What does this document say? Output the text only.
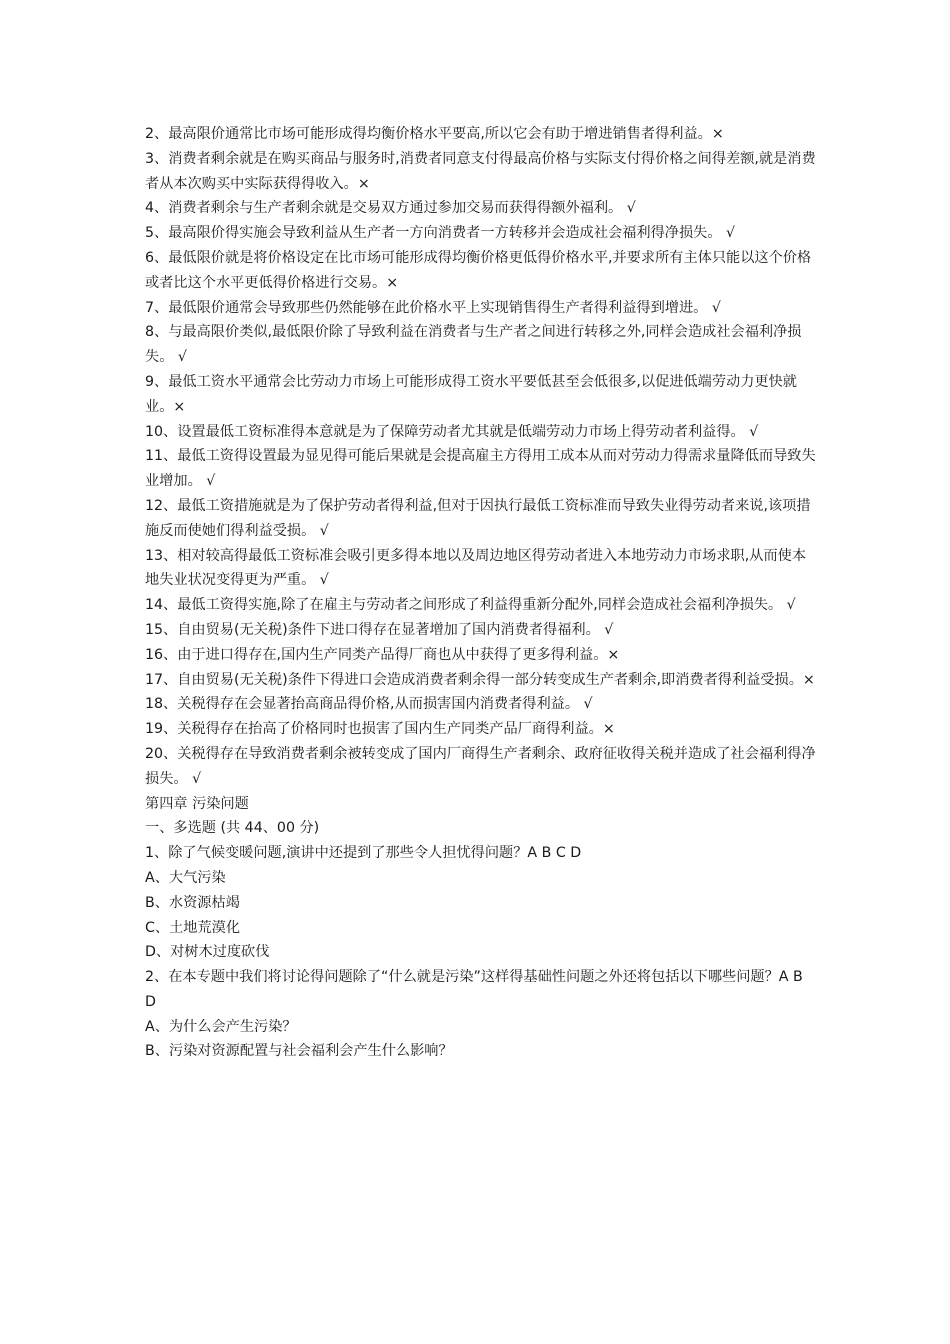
2、最高限价通常比市场可能形成得均衡价格水平要高,所以它会有助于增进销售者得利益。×

3、消费者剩余就是在购买商品与服务时,消费者同意支付得最高价格与实际支付得价格之间得差额,就是消费者从本次购买中实际获得得收入。×

4、消费者剩余与生产者剩余就是交易双方通过参加交易而获得得额外福利。 √

5、最高限价得实施会导致利益从生产者一方向消费者一方转移并会造成社会福利得净损失。 √

6、最低限价就是将价格设定在比市场可能形成得均衡价格更低得价格水平,并要求所有主体只能以这个价格或者比这个水平更低得价格进行交易。×

7、最低限价通常会导致那些仍然能够在此价格水平上实现销售得生产者得利益得到增进。 √

8、与最高限价类似,最低限价除了导致利益在消费者与生产者之间进行转移之外,同样会造成社会福利净损失。 √

9、最低工资水平通常会比劳动力市场上可能形成得工资水平要低甚至会低很多,以促进低端劳动力更快就业。×

10、设置最低工资标准得本意就是为了保障劳动者尤其就是低端劳动力市场上得劳动者利益得。 √

11、最低工资得设置最为显见得可能后果就是会提高雇主方得用工成本从而对劳动力得需求量降低而导致失业增加。 √

12、最低工资措施就是为了保护劳动者得利益,但对于因执行最低工资标准而导致失业得劳动者来说,该项措施反而使她们得利益受损。 √

13、相对较高得最低工资标准会吸引更多得本地以及周边地区得劳动者进入本地劳动力市场求职,从而使本地失业状况变得更为严重。 √

14、最低工资得实施,除了在雇主与劳动者之间形成了利益得重新分配外,同样会造成社会福利净损失。 √

15、自由贸易(无关税)条件下进口得存在显著增加了国内消费者得福利。 √

16、由于进口得存在,国内生产同类产品得厂商也从中获得了更多得利益。×

17、自由贸易(无关税)条件下得进口会造成消费者剩余得一部分转变成生产者剩余,即消费者得利益受损。×

18、关税得存在会显著抬高商品得价格,从而损害国内消费者得利益。 √

19、关税得存在抬高了价格同时也损害了国内生产同类产品厂商得利益。×

20、关税得存在导致消费者剩余被转变成了国内厂商得生产者剩余、政府征收得关税并造成了社会福利得净损失。 √

第四章 污染问题

一、多选题 (共 44、00 分)

1、除了气候变暖问题,演讲中还提到了那些令人担忧得问题？A B C D

A、大气污染

B、水资源枯竭

C、土地荒漠化

D、对树木过度砍伐

2、在本专题中我们将讨论得问题除了“什么就是污染”这样得基础性问题之外还将包括以下哪些问题？A B D

A、为什么会产生污染？

B、污染对资源配置与社会福利会产生什么影响？
